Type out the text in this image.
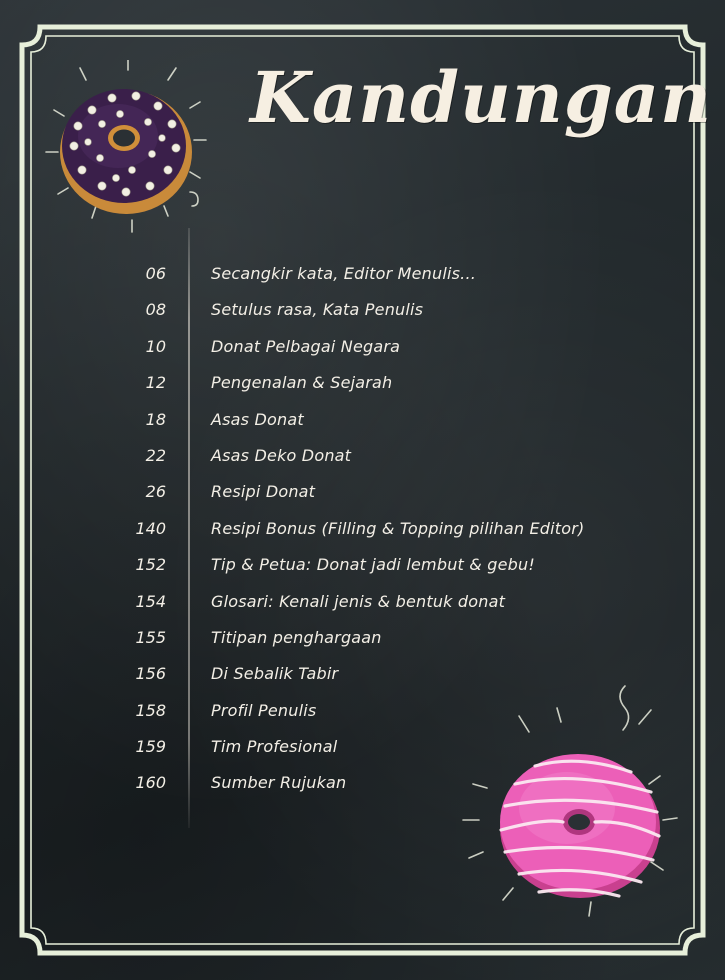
Kandungan
06	Secangkir kata, Editor Menulis...
08	Setulus rasa, Kata Penulis
10	Donat Pelbagai Negara
12	Pengenalan & Sejarah
18	Asas Donat
22	Asas Deko Donat
26	Resipi Donat
140	Resipi Bonus (Filling & Topping pilihan Editor)
152	Tip & Petua: Donat jadi lembut & gebu!
154	Glosari: Kenali jenis & bentuk donat
155	Titipan penghargaan
156	Di Sebalik Tabir
158	Profil Penulis
159	Tim Profesional
160	Sumber Rujukan
